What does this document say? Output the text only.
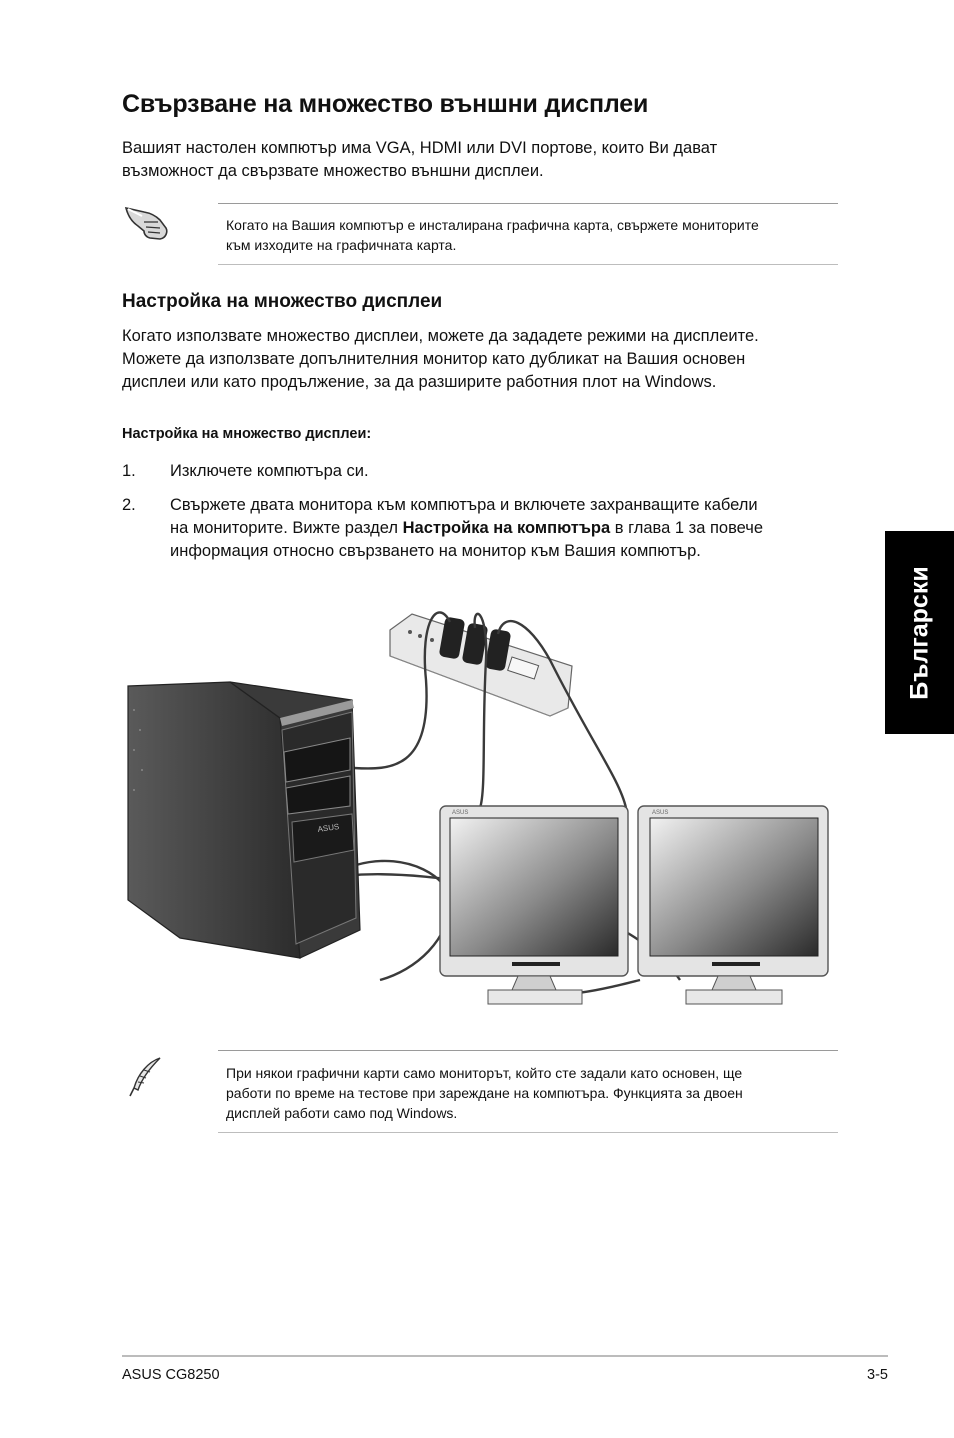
Свързване на множество външни дисплеи

Вашият настолен компютър има VGA, HDMI или DVI портове, които Ви дават
възможност да свързвате множество външни дисплеи.

Когато на Вашия компютър е инсталирана графична карта, свържете мониторите
към изходите на графичната карта.

Настройка на множество дисплеи

Когато използвате множество дисплеи, можете да зададете режими на дисплеите.
Можете да използвате допълнителния монитор като дубликат на Вашия основен
дисплеи или като продължение, за да разширите работния плот на Windows.

Настройка на множество дисплеи:
1. Изключете компютъра си.
2. Свържете двата монитора към компютъра и включете захранващите кабели
на мониторите. Вижте раздел Настройка на компютъра в глава 1 за повече
информация относно свързването на монитор към Вашия компютър.
ASUS
ASUS	ASUS

При някои графични карти само мониторът, който сте задали като основен, ще
работи по време на тестове при зареждане на компютъра. Функцията за двоен
дисплей работи само под Windows.

Български
ASUS CG8250	3-5
